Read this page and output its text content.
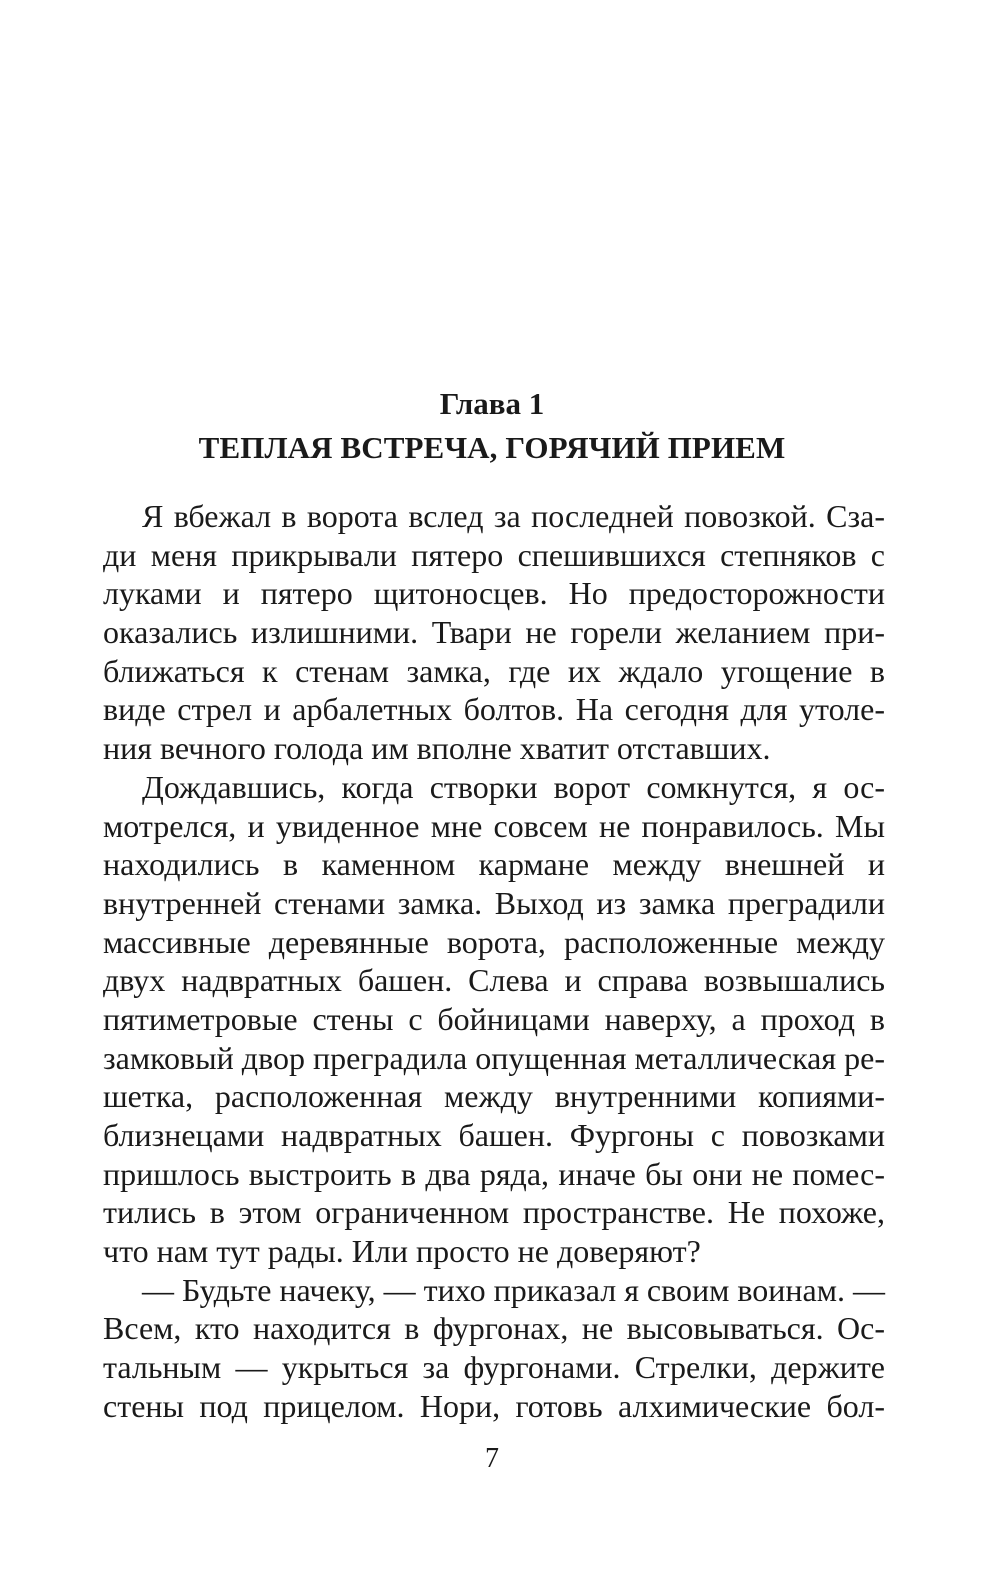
Глава 1
ТЕПЛАЯ ВСТРЕЧА, ГОРЯЧИЙ ПРИЕМ
Я вбежал в ворота вслед за последней повозкой. Сза-
ди меня прикрывали пятеро спешившихся степняков с
луками и пятеро щитоносцев. Но предосторожности
оказались излишними. Твари не горели желанием при-
ближаться к стенам замка, где их ждало угощение в
виде стрел и арбалетных болтов. На сегодня для утоле-
ния вечного голода им вполне хватит отставших.
Дождавшись, когда створки ворот сомкнутся, я ос-
мотрелся, и увиденное мне совсем не понравилось. Мы
находились в каменном кармане между внешней и
внутренней стенами замка. Выход из замка преградили
массивные деревянные ворота, расположенные между
двух надвратных башен. Слева и справа возвышались
пятиметровые стены с бойницами наверху, а проход в
замковый двор преградила опущенная металлическая ре-
шетка, расположенная между внутренними копиями-
близнецами надвратных башен. Фургоны с повозками
пришлось выстроить в два ряда, иначе бы они не помес-
тились в этом ограниченном пространстве. Не похоже,
что нам тут рады. Или просто не доверяют?
— Будьте начеку, — тихо приказал я своим воинам. —
Всем, кто находится в фургонах, не высовываться. Ос-
тальным — укрыться за фургонами. Стрелки, держите
стены под прицелом. Нори, готовь алхимические бол-
7
